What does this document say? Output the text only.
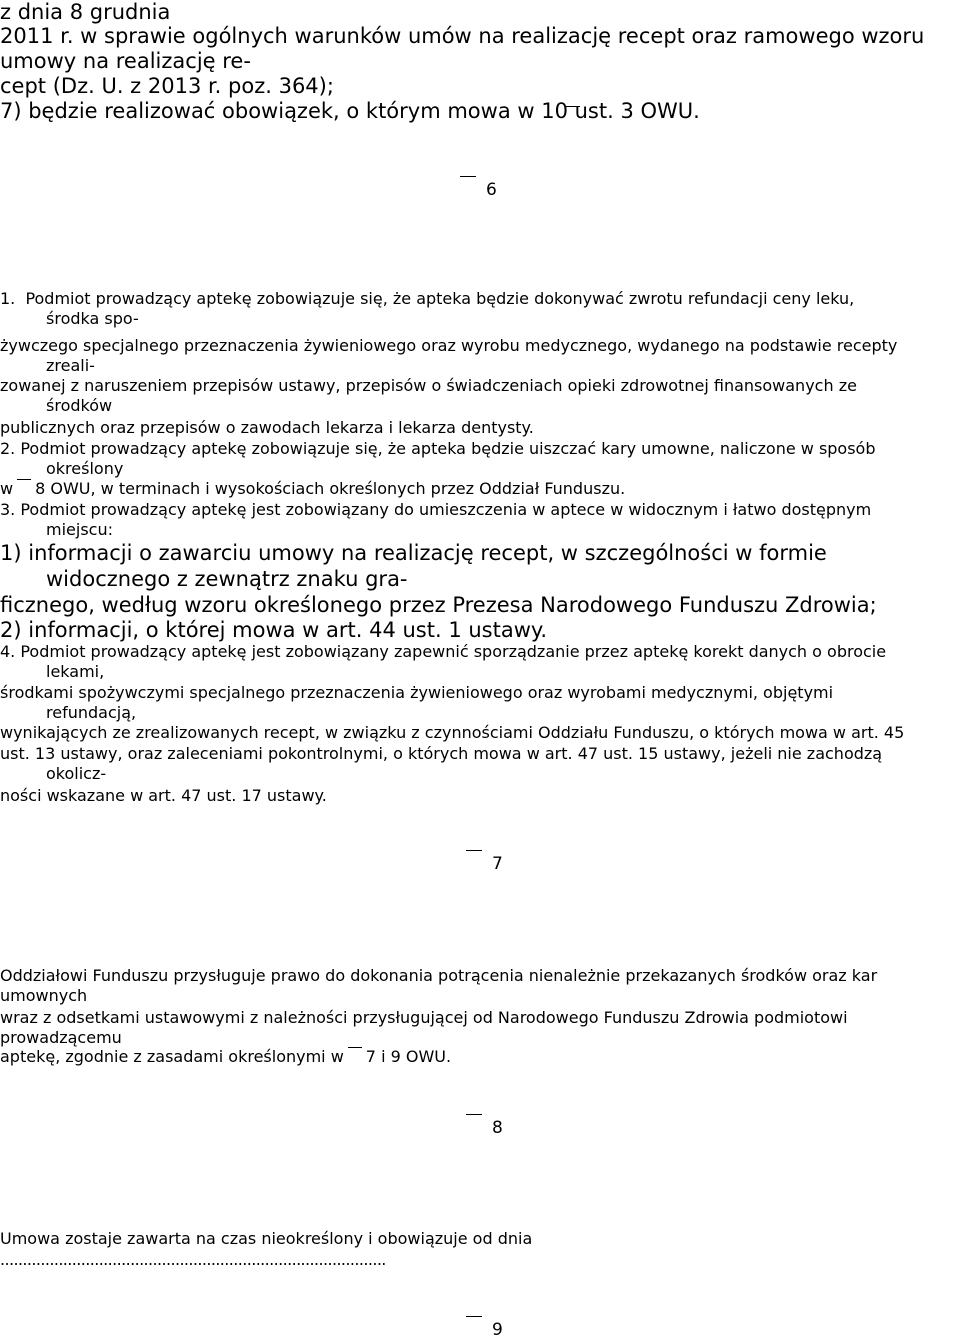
z dnia 8 grudnia
2011 r. w sprawie ogólnych warunków umów na realizację recept oraz ramowego wzoru
umowy na realizację re-
cept (Dz. U. z 2013 r. poz. 364);
7) będzie realizować obowiązek, o którym mowa w 10 ust. 3 OWU.
6
1.  Podmiot prowadzący aptekę zobowiązuje się, że apteka będzie dokonywać zwrotu refundacji ceny leku,
środka spo-
żywczego specjalnego przeznaczenia żywieniowego oraz wyrobu medycznego, wydanego na podstawie recepty
zreali-
zowanej z naruszeniem przepisów ustawy, przepisów o świadczeniach opieki zdrowotnej finansowanych ze
środków
publicznych oraz przepisów o zawodach lekarza i lekarza dentysty.
2. Podmiot prowadzący aptekę zobowiązuje się, że apteka będzie uiszczać kary umowne, naliczone w sposób
określony
w 8 OWU, w terminach i wysokościach określonych przez Oddział Funduszu.
3. Podmiot prowadzący aptekę jest zobowiązany do umieszczenia w aptece w widocznym i łatwo dostępnym
miejscu:
1) informacji o zawarciu umowy na realizację recept, w szczególności w formie
widocznego z zewnątrz znaku gra-
ficznego, według wzoru określonego przez Prezesa Narodowego Funduszu Zdrowia;
2) informacji, o której mowa w art. 44 ust. 1 ustawy.
4. Podmiot prowadzący aptekę jest zobowiązany zapewnić sporządzanie przez aptekę korekt danych o obrocie
lekami,
środkami spożywczymi specjalnego przeznaczenia żywieniowego oraz wyrobami medycznymi, objętymi
refundacją,
wynikających ze zrealizowanych recept, w związku z czynnościami Oddziału Funduszu, o których mowa w art. 45
ust. 13 ustawy, oraz zaleceniami pokontrolnymi, o których mowa w art. 47 ust. 15 ustawy, jeżeli nie zachodzą
okolicz-
ności wskazane w art. 47 ust. 17 ustawy.
7
Oddziałowi Funduszu przysługuje prawo do dokonania potrącenia nienależnie przekazanych środków oraz kar
umownych
wraz z odsetkami ustawowymi z należności przysługującej od Narodowego Funduszu Zdrowia podmiotowi
prowadzącemu
aptekę, zgodnie z zasadami określonymi w 7 i 9 OWU.
8
Umowa zostaje zawarta na czas nieokreślony i obowiązuje od dnia
......................................................................................
9
